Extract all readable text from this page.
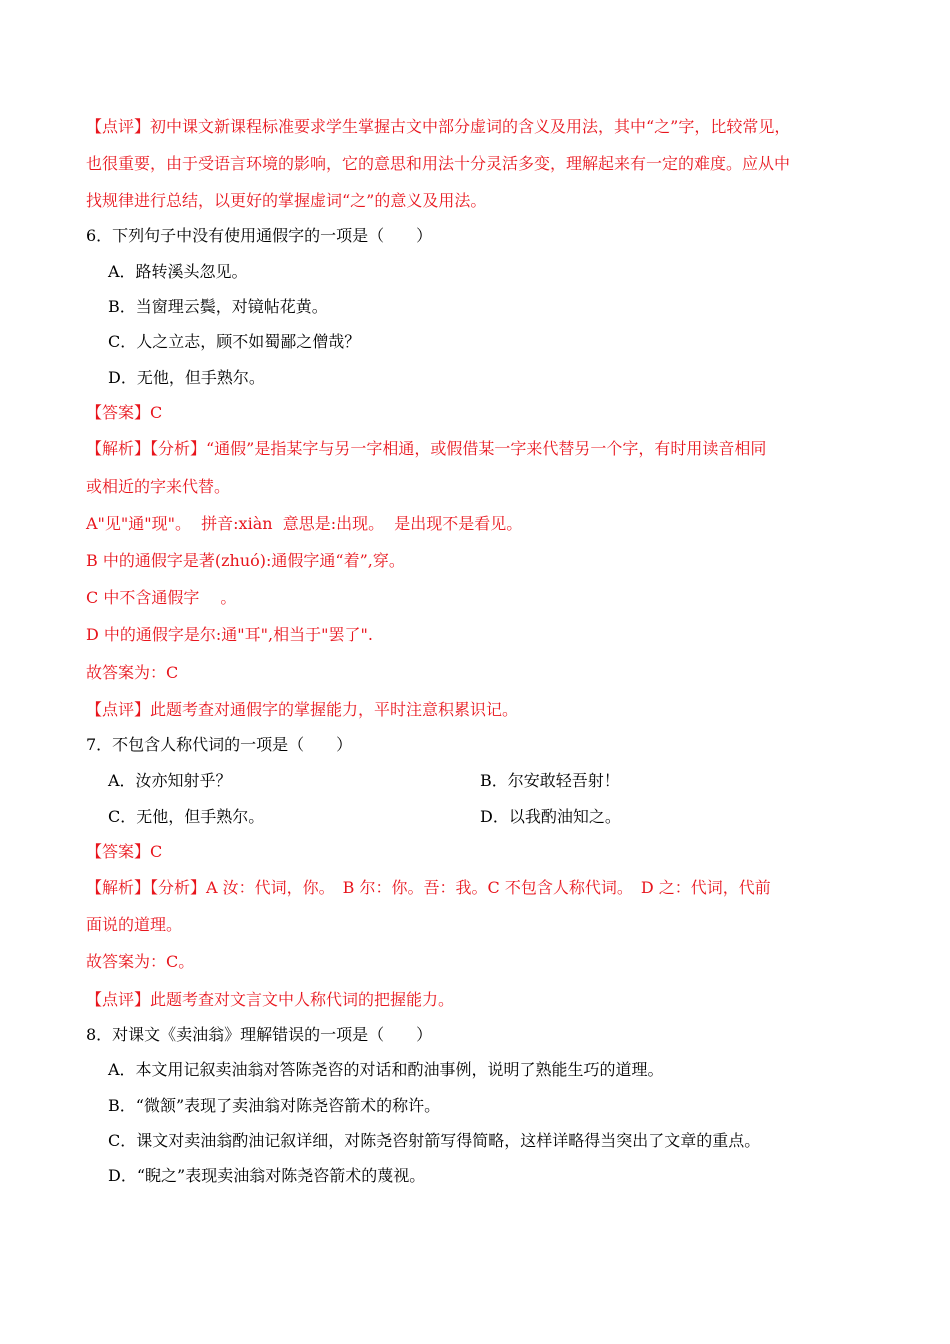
【点评】初中课文新课程标准要求学生掌握古文中部分虚词的含义及用法，其中“之”字，比较常见，
也很重要，由于受语言环境的影响，它的意思和用法十分灵活多变，理解起来有一定的难度。应从中
找规律进行总结，以更好的掌握虚词“之”的意义及用法。
6．下列句子中没有使用通假字的一项是（　　）
A．路转溪头忽见。
B．当窗理云鬓，对镜帖花黄。
C．人之立志，顾不如蜀鄙之僧哉？
D．无他，但手熟尔。
【答案】C
【解析】【分析】“通假”是指某字与另一字相通，或假借某一字来代替另一个字，有时用读音相同
或相近的字来代替。
A"见"通"现"。  拼音:xiàn  意思是:出现。  是出现不是看见。
B 中的通假字是著(zhuó):通假字通“着”,穿。
C 中不含通假字　 。
D 中的通假字是尔:通"耳",相当于"罢了".
故答案为：C
【点评】此题考查对通假字的掌握能力，平时注意积累识记。
7．不包含人称代词的一项是（　　）
A．汝亦知射乎？	B．尔安敢轻吾射！
C．无他，但手熟尔。	D．以我酌油知之。
【答案】C
【解析】【分析】A 汝：代词，你。　B 尔：你。吾：我。C 不包含人称代词。　D 之：代词，代前
面说的道理。
故答案为：C。
【点评】此题考查对文言文中人称代词的把握能力。
8．对课文《卖油翁》理解错误的一项是（　　）
A．本文用记叙卖油翁对答陈尧咨的对话和酌油事例，说明了熟能生巧的道理。
B．“微颔”表现了卖油翁对陈尧咨箭术的称许。
C．课文对卖油翁酌油记叙详细，对陈尧咨射箭写得简略，这样详略得当突出了文章的重点。
D．“睨之”表现卖油翁对陈尧咨箭术的蔑视。
